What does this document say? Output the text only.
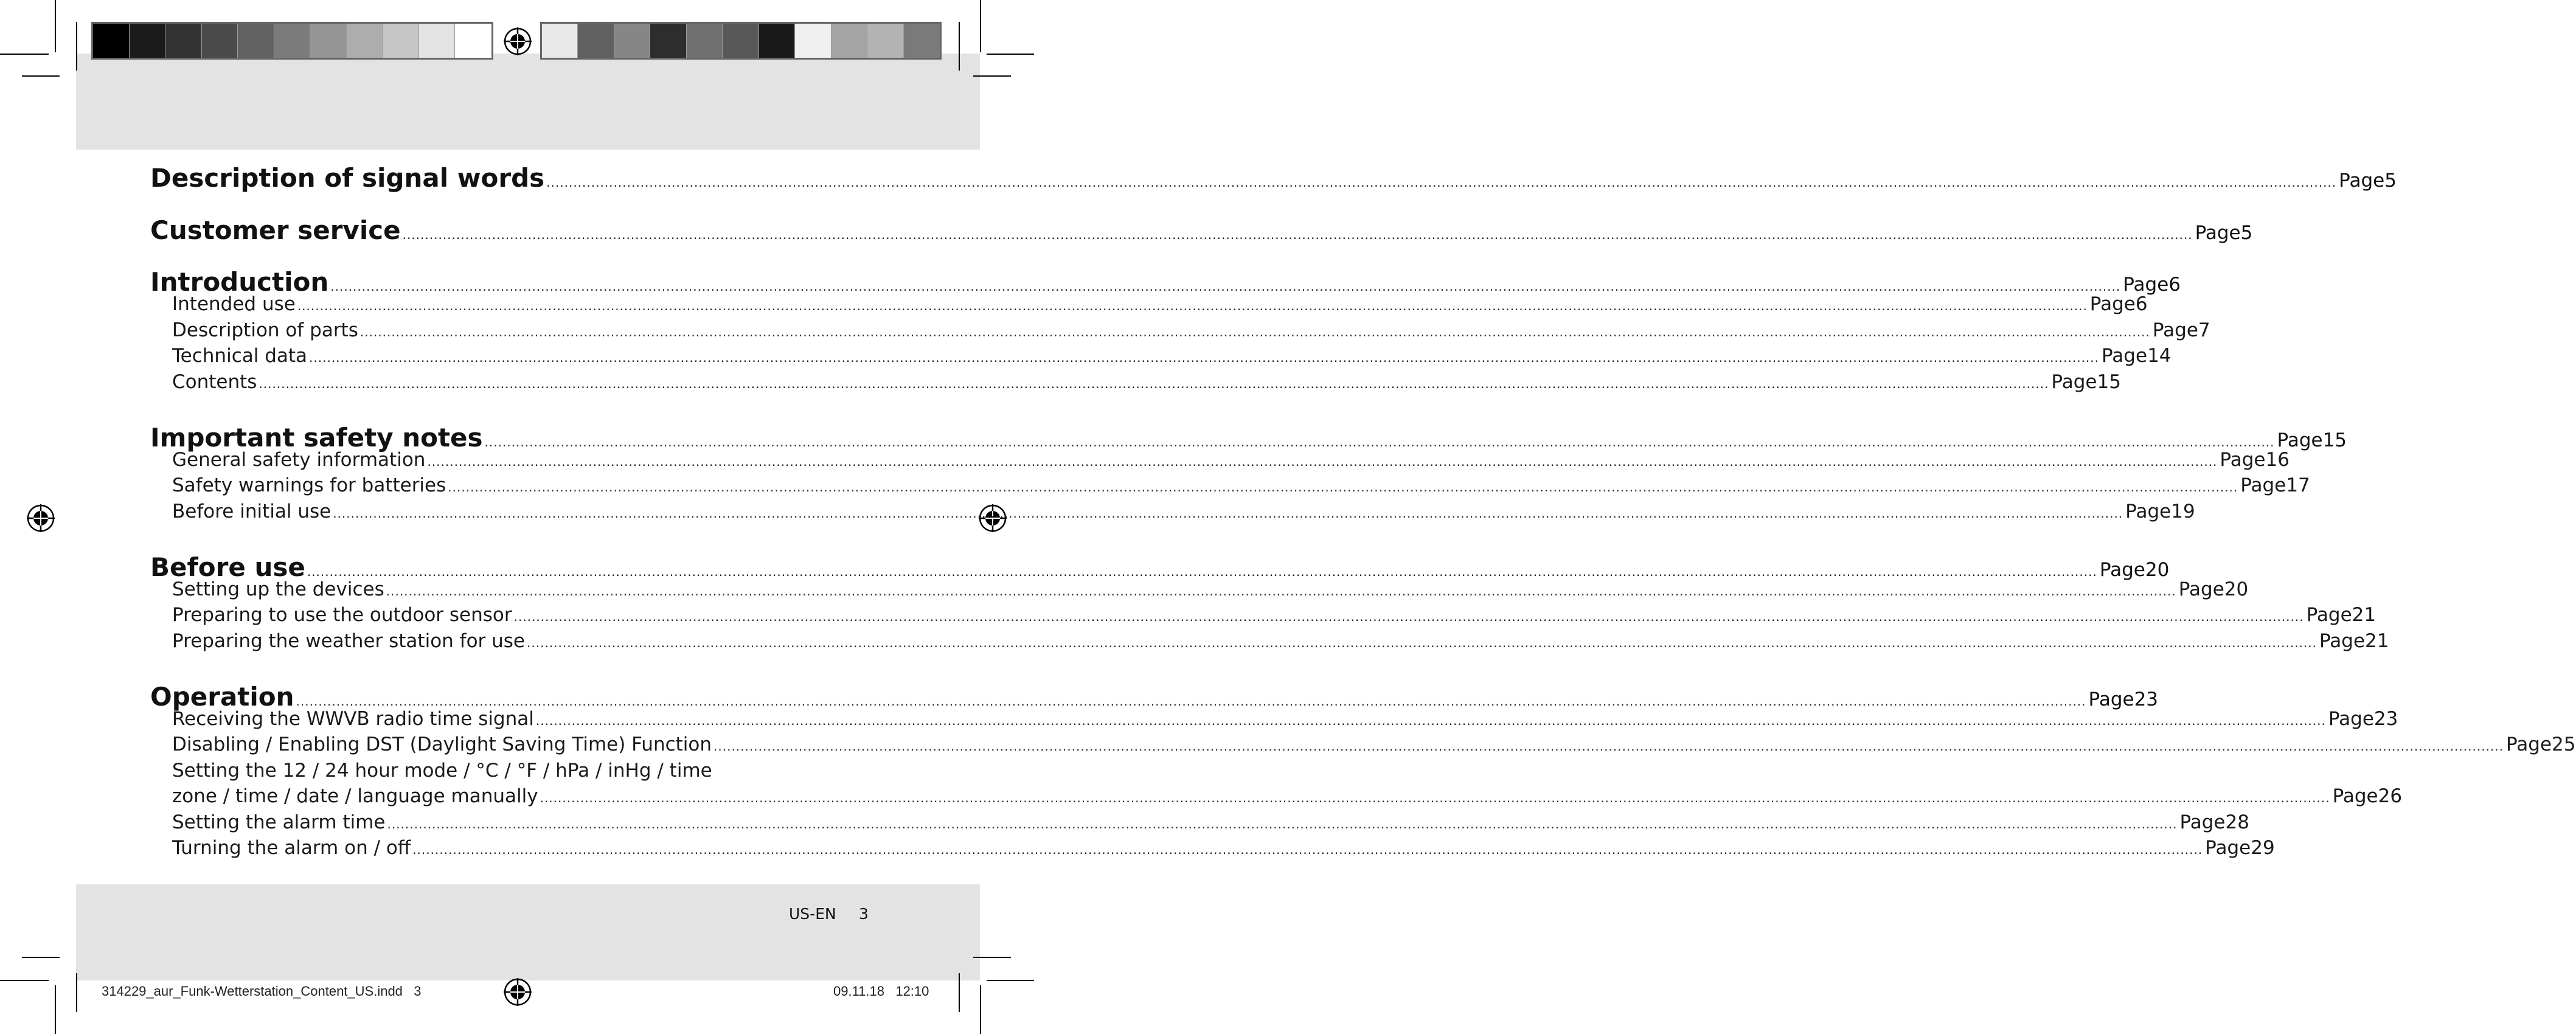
Description of signal words ................................................................................................................................................................................................................................................................................................................................................................................................................ Page 5
Customer service ................................................................................................................................................................................................................................................................................................................................................................................................................ Page 5
Introduction ................................................................................................................................................................................................................................................................................................................................................................................................................ Page 6
Intended use ................................................................................................................................................................................................................................................................................................................................................................................................................ Page 6
Description of parts ................................................................................................................................................................................................................................................................................................................................................................................................................ Page 7
Technical data ................................................................................................................................................................................................................................................................................................................................................................................................................ Page 14
Contents ................................................................................................................................................................................................................................................................................................................................................................................................................ Page 15
Important safety notes ................................................................................................................................................................................................................................................................................................................................................................................................................ Page 15
General safety information ................................................................................................................................................................................................................................................................................................................................................................................................................ Page 16
Safety warnings for batteries ................................................................................................................................................................................................................................................................................................................................................................................................................ Page 17
Before initial use ................................................................................................................................................................................................................................................................................................................................................................................................................ Page 19
Before use ................................................................................................................................................................................................................................................................................................................................................................................................................ Page 20
Setting up the devices ................................................................................................................................................................................................................................................................................................................................................................................................................ Page 20
Preparing to use the outdoor sensor ................................................................................................................................................................................................................................................................................................................................................................................................................ Page 21
Preparing the weather station for use ................................................................................................................................................................................................................................................................................................................................................................................................................ Page 21
Operation ................................................................................................................................................................................................................................................................................................................................................................................................................ Page 23
Receiving the WWVB radio time signal ................................................................................................................................................................................................................................................................................................................................................................................................................ Page 23
Disabling / Enabling DST (Daylight Saving Time) Function ................................................................................................................................................................................................................................................................................................................................................................................................................ Page 25
Setting the 12 / 24 hour mode / °C / °F / hPa / inHg / time
zone / time / date / language manually ................................................................................................................................................................................................................................................................................................................................................................................................................ Page 26
Setting the alarm time ................................................................................................................................................................................................................................................................................................................................................................................................................ Page 28
Turning the alarm on / off ................................................................................................................................................................................................................................................................................................................................................................................................................ Page 29
US-EN 3
314229_aur_Funk-Wetterstation_Content_US.indd   3	09.11.18   12:10
